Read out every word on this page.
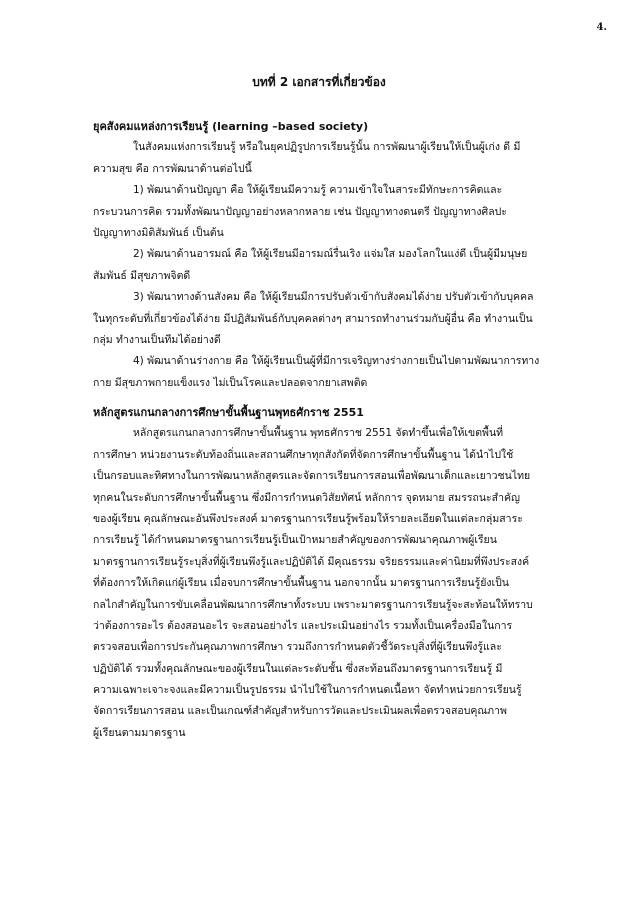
4.
บทที่ 2 เอกสารที่เกี่ยวข้อง
ยุคสังคมแหล่งการเรียนรู้ (learning –based society)
ในสังคมแห่งการเรียนรู้ หรือในยุคปฏิรูปการเรียนรู้นั้น การพัฒนาผู้เรียนให้เป็นผู้เก่ง ดี มี
ความสุข คือ การพัฒนาด้านต่อไปนี้
1) พัฒนาด้านปัญญา คือ ให้ผู้เรียนมีความรู้ ความเข้าใจในสาระมีทักษะการคิดและ
กระบวนการคิด รวมทั้งพัฒนาปัญญาอย่างหลากหลาย เช่น ปัญญาทางดนตรี ปัญญาทางศิลปะ
ปัญญาทางมิติสัมพันธ์ เป็นต้น
2) พัฒนาด้านอารมณ์ คือ ให้ผู้เรียนมีอารมณ์รื่นเริง แจ่มใส มองโลกในแง่ดี เป็นผู้มีมนุษย
สัมพันธ์ มีสุขภาพจิตดี
3) พัฒนาทางด้านสังคม คือ ให้ผู้เรียนมีการปรับตัวเข้ากับสังคมได้ง่าย ปรับตัวเข้ากับบุคคล
ในทุกระดับที่เกี่ยวข้องได้ง่าย มีปฏิสัมพันธ์กับบุคคลต่างๆ สามารถทำงานร่วมกับผู้อื่น คือ ทำงานเป็น
กลุ่ม ทำงานเป็นทีมได้อย่างดี
4) พัฒนาด้านร่างกาย คือ ให้ผู้เรียนเป็นผู้ที่มีการเจริญทางร่างกายเป็นไปตามพัฒนาการทาง
กาย มีสุขภาพกายแข็งแรง ไม่เป็นโรคและปลอดจากยาเสพติด
หลักสูตรแกนกลางการศึกษาขั้นพื้นฐานพุทธศักราช 2551
หลักสูตรแกนกลางการศึกษาขั้นพื้นฐาน พุทธศักราช 2551 จัดทำขึ้นเพื่อให้เขตพื้นที่
การศึกษา หน่วยงานระดับท้องถิ่นและสถานศึกษาทุกสังกัดที่จัดการศึกษาขั้นพื้นฐาน ได้นำไปใช้
เป็นกรอบและทิศทางในการพัฒนาหลักสูตรและจัดการเรียนการสอนเพื่อพัฒนาเด็กและเยาวชนไทย
ทุกคนในระดับการศึกษาขั้นพื้นฐาน ซึ่งมีการกำหนดวิสัยทัศน์ หลักการ จุดหมาย สมรรถนะสำคัญ
ของผู้เรียน คุณลักษณะอันพึงประสงค์ มาตรฐานการเรียนรู้พร้อมให้รายละเอียดในแต่ละกลุ่มสาระ
การเรียนรู้ ได้กำหนดมาตรฐานการเรียนรู้เป็นเป้าหมายสำคัญของการพัฒนาคุณภาพผู้เรียน
มาตรฐานการเรียนรู้ระบุสิ่งที่ผู้เรียนพึงรู้และปฏิบัติได้ มีคุณธรรม จริยธรรมและค่านิยมที่พึงประสงค์
ที่ต้องการให้เกิดแก่ผู้เรียน เมื่อจบการศึกษาขั้นพื้นฐาน นอกจากนั้น มาตรฐานการเรียนรู้ยังเป็น
กลไกสำคัญในการขับเคลื่อนพัฒนาการศึกษาทั้งระบบ เพราะมาตรฐานการเรียนรู้จะสะท้อนให้ทราบ
ว่าต้องการอะไร ต้องสอนอะไร จะสอนอย่างไร และประเมินอย่างไร รวมทั้งเป็นเครื่องมือในการ
ตรวจสอบเพื่อการประกันคุณภาพการศึกษา รวมถึงการกำหนดตัวชี้วัดระบุสิ่งที่ผู้เรียนพึงรู้และ
ปฏิบัติได้ รวมทั้งคุณลักษณะของผู้เรียนในแต่ละระดับชั้น ซึ่งสะท้อนถึงมาตรฐานการเรียนรู้ มี
ความเฉพาะเจาะจงและมีความเป็นรูปธรรม นำไปใช้ในการกำหนดเนื้อหา จัดทำหน่วยการเรียนรู้
จัดการเรียนการสอน และเป็นเกณฑ์สำคัญสำหรับการวัดและประเมินผลเพื่อตรวจสอบคุณภาพ
ผู้เรียนตามมาตรฐาน
